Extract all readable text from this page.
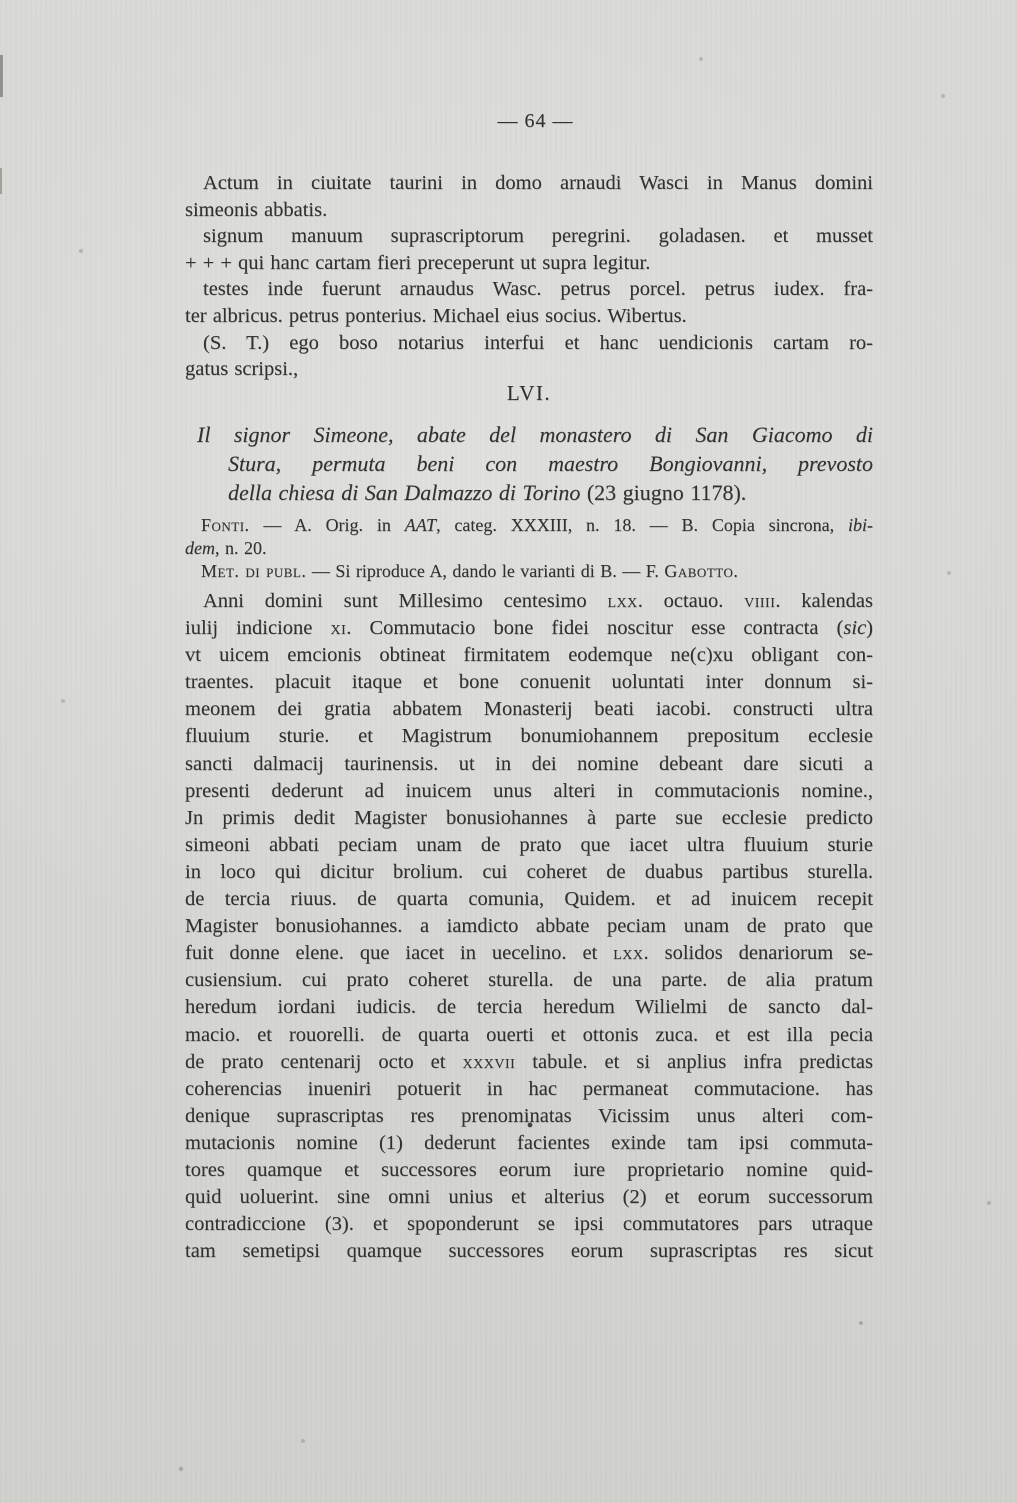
— 64 —
Actum in ciuitate taurini in domo arnaudi Wasci in Manus domini
simeonis abbatis.
signum manuum suprascriptorum peregrini. goladasen. et musset
+ + + qui hanc cartam fieri preceperunt ut supra legitur.
testes inde fuerunt arnaudus Wasc. petrus porcel. petrus iudex. fra-
ter albricus. petrus ponterius. Michael eius socius. Wibertus.
(S. T.) ego boso notarius interfui et hanc uendicionis cartam ro-
gatus scripsi.,
LVI.
Il signor Simeone, abate del monastero di San Giacomo di
Stura, permuta beni con maestro Bongiovanni, prevosto
della chiesa di San Dalmazzo di Torino (23 giugno 1178).
Fonti. — A. Orig. in AAT, categ. XXXIII, n. 18. — B. Copia sincrona, ibi-
dem, n. 20.
Met. di publ. — Si riproduce A, dando le varianti di B. — F. Gabotto.
Anni domini sunt Millesimo centesimo lxx. octauo. viiii. kalendas
iulij indicione xi. Commutacio bone fidei noscitur esse contracta (sic)
vt uicem emcionis obtineat firmitatem eodemque ne(c)xu obligant con-
traentes. placuit itaque et bone conuenit uoluntati inter donnum si-
meonem dei gratia abbatem Monasterij beati iacobi. constructi ultra
fluuium sturie. et Magistrum bonumiohannem prepositum ecclesie
sancti dalmacij taurinensis. ut in dei nomine debeant dare sicuti a
presenti dederunt ad inuicem unus alteri in commutacionis nomine.,
Jn primis dedit Magister bonusiohannes à parte sue ecclesie predicto
simeoni abbati peciam unam de prato que iacet ultra fluuium sturie
in loco qui dicitur brolium. cui coheret de duabus partibus sturella.
de tercia riuus. de quarta comunia, Quidem. et ad inuicem recepit
Magister bonusiohannes. a iamdicto abbate peciam unam de prato que
fuit donne elene. que iacet in uecelino. et lxx. solidos denariorum se-
cusiensium. cui prato coheret sturella. de una parte. de alia pratum
heredum iordani iudicis. de tercia heredum Wilielmi de sancto dal-
macio. et rouorelli. de quarta ouerti et ottonis zuca. et est illa pecia
de prato centenarij octo et xxxvii tabule. et si anplius infra predictas
coherencias inueniri potuerit in hac permaneat commutacione. has
denique suprascriptas res prenominatas Vicissim unus alteri com-
mutacionis nomine (1) dederunt facientes exinde tam ipsi commuta-
tores quamque et successores eorum iure proprietario nomine quid-
quid uoluerint. sine omni unius et alterius (2) et eorum successorum
contradiccione (3). et spoponderunt se ipsi commutatores pars utraque
tam semetipsi quamque successores eorum suprascriptas res sicut
